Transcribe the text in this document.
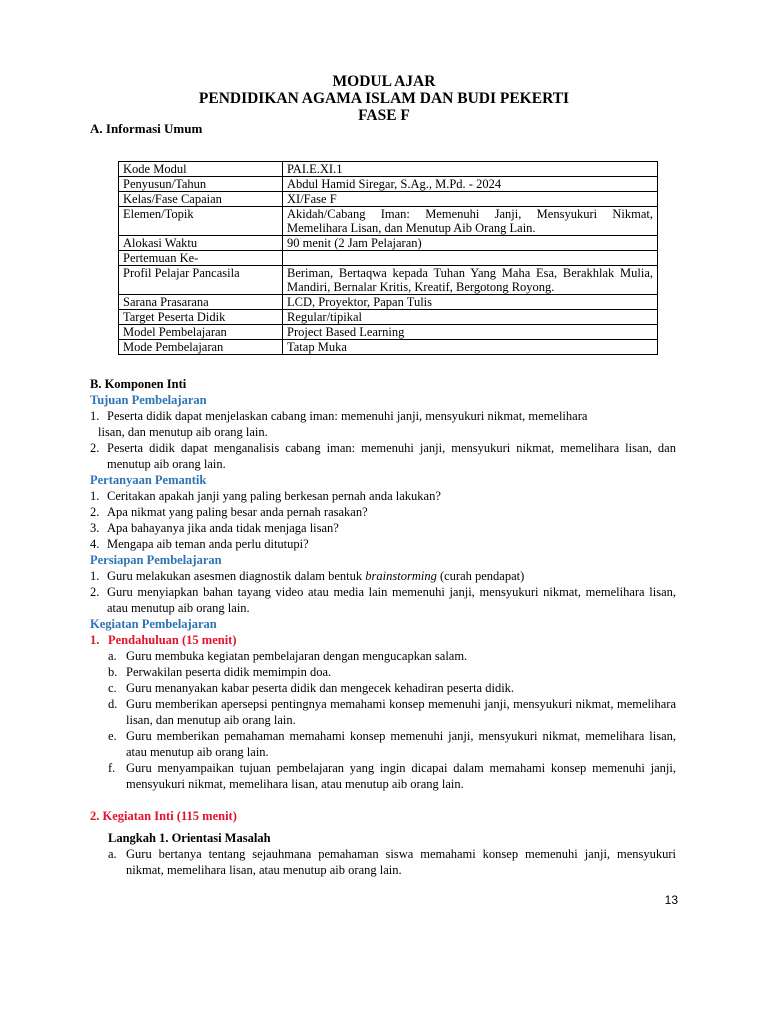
MODUL AJAR
PENDIDIKAN AGAMA ISLAM DAN BUDI PEKERTI
FASE F
A. Informasi Umum
Kode Modul	PAI.E.XI.1
Penyusun/Tahun	Abdul Hamid Siregar, S.Ag., M.Pd. - 2024
Kelas/Fase Capaian	XI/Fase F
Elemen/Topik	Akidah/Cabang Iman: Memenuhi Janji, Mensyukuri Nikmat, Memelihara Lisan, dan Menutup Aib Orang Lain.
Alokasi Waktu	90 menit (2 Jam Pelajaran)
Pertemuan Ke-	
Profil Pelajar Pancasila	Beriman, Bertaqwa kepada Tuhan Yang Maha Esa, Berakhlak Mulia, Mandiri, Bernalar Kritis, Kreatif, Bergotong Royong.
Sarana Prasarana	LCD, Proyektor, Papan Tulis
Target Peserta Didik	Regular/tipikal
Model Pembelajaran	Project Based Learning
Mode Pembelajaran	Tatap Muka
B. Komponen Inti
Tujuan Pembelajaran
1. Peserta didik dapat menjelaskan cabang iman: memenuhi janji, mensyukuri nikmat, memelihara
lisan, dan menutup aib orang lain.
2. Peserta didik dapat menganalisis cabang iman: memenuhi janji, mensyukuri nikmat, memelihara lisan, dan menutup aib orang lain.
Pertanyaan Pemantik
1. Ceritakan apakah janji yang paling berkesan pernah anda lakukan?
2. Apa nikmat yang paling besar anda pernah rasakan?
3. Apa bahayanya jika anda tidak menjaga lisan?
4. Mengapa aib teman anda perlu ditutupi?
Persiapan Pembelajaran
1. Guru melakukan asesmen diagnostik dalam bentuk brainstorming (curah pendapat)
2. Guru menyiapkan bahan tayang video atau media lain memenuhi janji, mensyukuri nikmat, memelihara lisan, atau menutup aib orang lain.
Kegiatan Pembelajaran
1. Pendahuluan (15 menit)
a. Guru membuka kegiatan pembelajaran dengan mengucapkan salam.
b. Perwakilan peserta didik memimpin doa.
c. Guru menanyakan kabar peserta didik dan mengecek kehadiran peserta didik.
d. Guru memberikan apersepsi pentingnya memahami konsep memenuhi janji, mensyukuri nikmat, memelihara lisan, dan menutup aib orang lain.
e. Guru memberikan pemahaman memahami konsep memenuhi janji, mensyukuri nikmat, memelihara lisan, atau menutup aib orang lain.
f. Guru menyampaikan tujuan pembelajaran yang ingin dicapai dalam memahami konsep memenuhi janji, mensyukuri nikmat, memelihara lisan, atau menutup aib orang lain.
2. Kegiatan Inti (115 menit)
Langkah 1. Orientasi Masalah
a. Guru bertanya tentang sejauhmana pemahaman siswa memahami konsep memenuhi janji, mensyukuri nikmat, memelihara lisan, atau menutup aib orang lain.
13
